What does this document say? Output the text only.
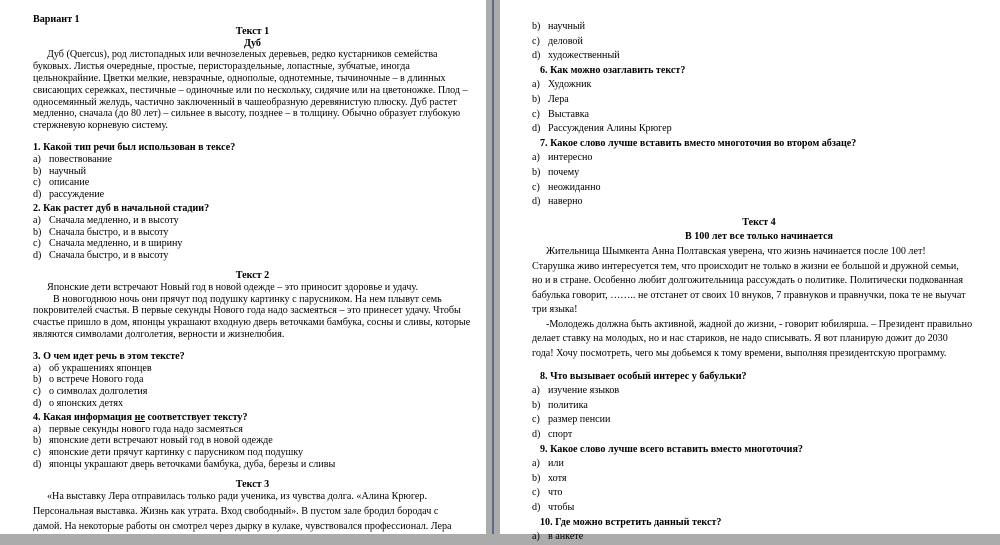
Вариант 1

Текст 1

Дуб

Дуб (Quercus), род листопадных или вечнозеленых деревьев, редко кустарников семейства

буковых. Листья очередные, простые, перистораздельные, лопастные, зубчатые, иногда

цельнокрайние. Цветки мелкие, невзрачные, однополые, однотемные, тычиночные – в длинных

свисающих сережках, пестичные – одиночные или по нескольку, сидячие или на цветоножке. Плод –

односемянный желудь, частично заключенный в чашеобразную деревянистую плюску. Дуб растет

медленно, сначала (до 80 лет) – сильнее в высоту, позднее – в толщину. Обычно образует глубокую

стержневую корневую систему.

1. Какой тип речи был использован в тексе?

a) повествование
b) научный
c) описание
d) рассуждение

2. Как растет дуб в начальной стадии?

a) Сначала медленно, и в высоту
b) Сначала быстро, и в высоту
c) Сначала медленно, и в ширину
d) Сначала быстро, и в высоту

Текст 2

Японские дети встречают Новый год в новой одежде – это приносит здоровье и удачу.

В новогоднюю ночь они прячут под подушку картинку с парусником. На нем плывут семь

покровителей счастья. В первые секунды Нового года надо засмеяться – это принесет удачу. Чтобы

счастье пришло в дом, японцы украшают входную дверь веточками бамбука, сосны и сливы, которые

являются символами долголетия, верности и жизнелюбия.

3. О чем идет речь в этом тексте?

a) об украшениях японцев
b) о встрече Нового года
c) о символах долголетия
d) о японских детях

4. Какая информация не соответствует тексту?

a) первые секунды нового года надо засмеяться
b) японские дети встречают новый год в новой одежде
c) японские дети прячут картинку с парусником под подушку
d) японцы украшают дверь веточками бамбука, дуба, березы и сливы

Текст 3

«На выставку Лера отправилась только ради ученика, из чувства долга. «Алина Крюгер.

Персональная выставка. Жизнь как утрата. Вход свободный». В пустом зале бродил бородач с

дамой. На некоторые работы он смотрел через дырку в кулаке, чувствовался профессионал. Лера

b) научный
c) деловой
d) художественный

6. Как можно озаглавить текст?

a) Художник
b) Лера
c) Выставка
d) Рассуждения Алины Крюгер

7. Какое слово лучше вставить вместо многоточия во втором абзаце?

a) интересно
b) почему
c) неожиданно
d) наверно

Текст 4

В 100 лет все только начинается

Жительница Шымкента Анна Полтавская уверена, что жизнь начинается после 100 лет!

Старушка живо интересуется тем, что происходит не только в жизни ее большой и дружной семьи,

но и в стране. Особенно любит долгожительница рассуждать о политике. Политически подкованная

бабулька говорит, …….. не отстанет от своих 10 внуков, 7 правнуков и правнучки, пока те не выучат

три языка!

-Молодежь должна быть активной, жадной до жизни, - говорит юбилярша. – Президент правильно

делает ставку на молодых, но и нас стариков, не надо списывать. Я вот планирую дожит до 2030

года! Хочу посмотреть, чего мы добьемся к тому времени, выполняя президентскую программу.

8. Что вызывает особый интерес у бабульки?

a) изучение языков
b) политика
c) размер пенсии
d) спорт

9. Какое слово лучше всего вставить вместо многоточия?

a) или
b) хотя
c) что
d) чтобы

10. Где можно встретить данный текст?

a) в анкете
